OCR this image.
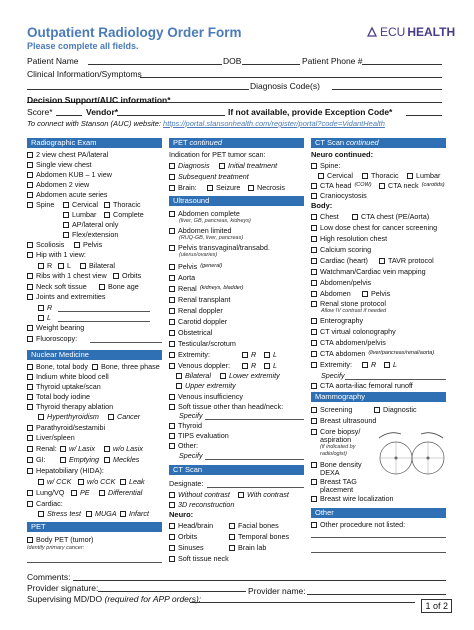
Outpatient Radiology Order Form
Please complete all fields.
ECU HEALTH
Patient Name	DOB	Patient Phone #
Clinical Information/Symptoms
Diagnosis Code(s)
Decision Support/AUC information*
Score*	Vendor*	If not available, provide Exception Code*
To connect with Stanson (AUC) website: https://portal.stansonhealth.com/register/portal?code=VidantHealth
Radiographic Exam
2 view chest PA/lateral
Single view chest
Abdomen KUB – 1 view
Abdomen 2 view
Abdomen acute series
Spine Cervical Thoracic
Lumbar Complete
AP/lateral only
Flex/extension
Scoliosis	Pelvis
Hip with 1 view:
R L	Bilateral
Ribs with 1 chest view Orbits
Neck soft tissue	Bone age
Joints and extremities
R
L
Weight bearing
Fluoroscopy:
Nuclear Medicine
Bone, total body Bone, three phase
Indium white blood cell
Thyroid uptake/scan
Total body iodine
Thyroid therapy ablation
Hyperthyroidism	Cancer
Parathyroid/sestamibi
Liver/spleen
Renal: w/ Lasix	w/o Lasix
GI:	Emptying Meckles
Hepatobiliary (HIDA):
w/ CCK w/o CCK Leak
Lung/VQ PE	Differential
Cardiac:
Stress test MUGA Infarct
PET
Body PET (tumor)
Identify primary cancer:
PET continued
Indication for PET tumor scan:
Diagnosis	Initial treatment
Subsequent treatment
Brain:	Seizure Necrosis
Ultrasound
Abdomen complete
(liver, GB, pancreas, kidneys)
Abdomen limited
(RUQ-GB, liver, pancreas)
Pelvis transvaginal/transabd.
(uterus/ovaries)
Pelvis (general)
Aorta
Renal (kidneys, bladder)
Renal transplant
Renal doppler
Carotid doppler
Obstetrical
Testicular/scrotum
Extremity:	R L
Venous doppler:	R L
Bilateral	Lower extremity
Upper extremity
Venous insufficiency
Soft tissue other than head/neck:
Specify
Thyroid
TIPS evaluation
Other:
Specify
CT Scan
Designate:
Without contrast With contrast
3D reconstruction
Neuro:
Head/brain	Facial bones
Orbits	Temporal bones
Sinuses	Brain lab
Soft tissue neck
CT Scan continued
Neuro continued:
Spine:
Cervical	Thoracic Lumbar
CTA head (COW) CTA neck (carotids)
Craniocystosis
Body:
Chest	CTA chest (PE/Aorta)
Low dose chest for cancer screening
High resolution chest
Calcium scoring
Cardiac (heart)	TAVR protocol
Watchman/Cardiac vein mapping
Abdomen/pelvis
Abdomen	Pelvis
Renal stone protocol
Allow IV contrast if needed
Enterography
CT virtual colonography
CTA abdomen/pelvis
CTA abdomen (liver/pancreas/renal/aorta)
Extremity:	R L
Specify
CTA aorta-iliac femoral runoff
Mammography
Screening	Diagnostic
Breast ultrasound
Core biopsy/
aspiration
(if indicated by
radiologist)
Bone density
DEXA
Breast TAG
placement
Breast wire localization
Other
Other procedure not listed:
Comments:
Provider signature:	Provider name:
Supervising MD/DO (required for APP orders):
1 of 2
